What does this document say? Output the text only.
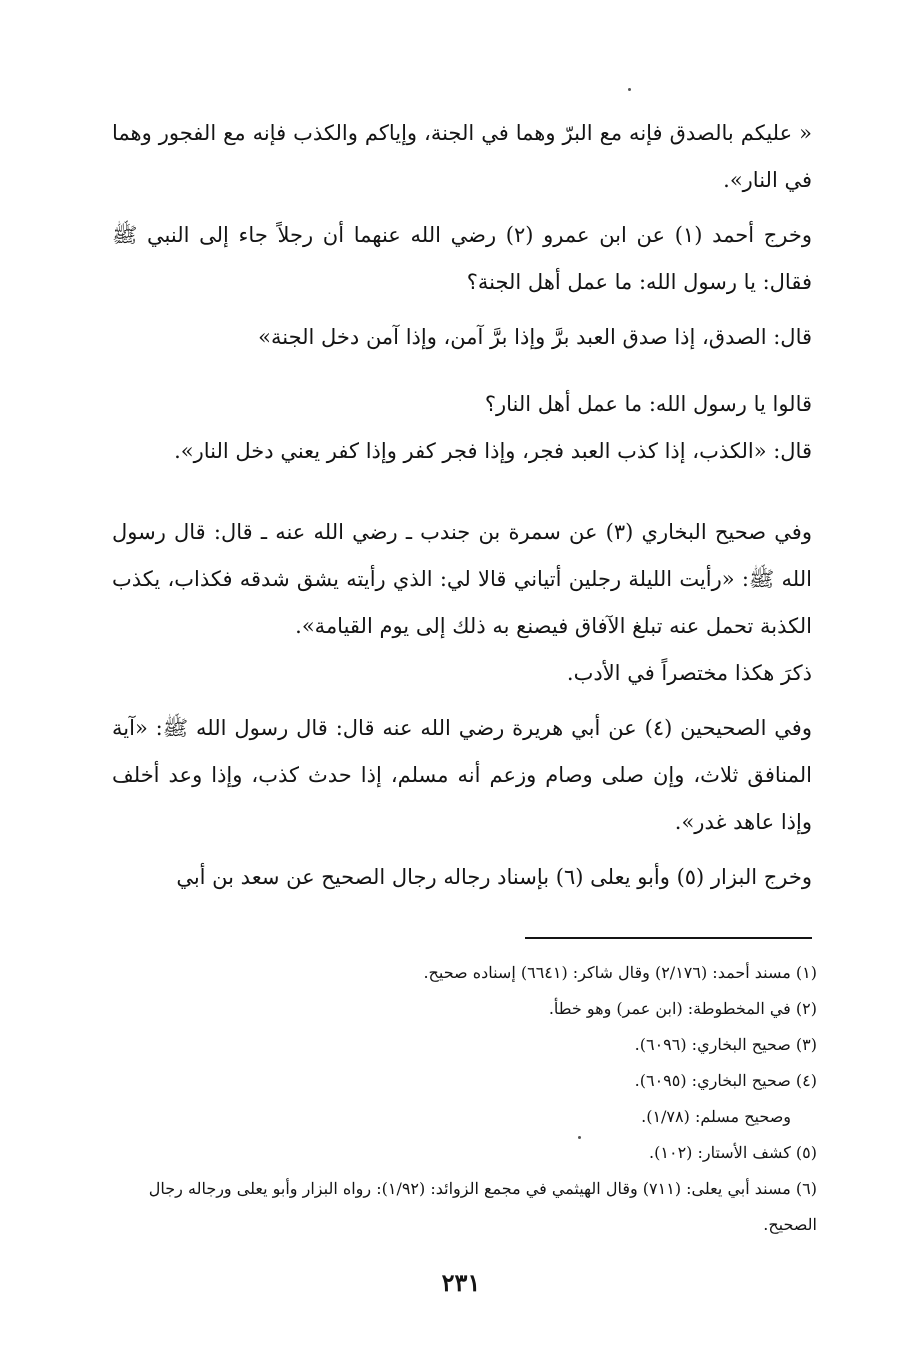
« عليكم بالصدق فإنه مع البرّ وهما في الجنة، وإياكم والكذب فإنه مع الفجور وهما في النار».

وخرج أحمد (١) عن ابن عمرو (٢) رضي الله عنهما أن رجلاً جاء إلى النبي ﷺ فقال: يا رسول الله: ما عمل أهل الجنة؟

قال: الصدق، إذا صدق العبد برَّ وإذا برَّ آمن، وإذا آمن دخل الجنة»

قالوا يا رسول الله: ما عمل أهل النار؟

قال: «الكذب، إذا كذب العبد فجر، وإذا فجر كفر وإذا كفر يعني دخل النار».

وفي صحيح البخاري (٣) عن سمرة بن جندب ـ رضي الله عنه ـ قال: قال رسول الله ﷺ: «رأيت الليلة رجلين أتياني قالا لي: الذي رأيته يشق شدقه فكذاب، يكذب الكذبة تحمل عنه تبلغ الآفاق فيصنع به ذلك إلى يوم القيامة».

ذكرَ هكذا مختصراً في الأدب.

وفي الصحيحين (٤) عن أبي هريرة رضي الله عنه قال: قال رسول الله ﷺ: «آية المنافق ثلاث، وإن صلى وصام وزعم أنه مسلم، إذا حدث كذب، وإذا وعد أخلف وإذا عاهد غدر».

وخرج البزار (٥) وأبو يعلى (٦) بإسناد رجاله رجال الصحيح عن سعد بن أبي

(١) مسند أحمد: (٢/١٧٦) وقال شاكر: (٦٦٤١) إسناده صحيح.

(٢) في المخطوطة: (ابن عمر) وهو خطأ.

(٣) صحيح البخاري: (٦٠٩٦).

(٤) صحيح البخاري: (٦٠٩٥).

وصحيح مسلم: (١/٧٨).

(٥) كشف الأستار: (١٠٢).

(٦) مسند أبي يعلى: (٧١١) وقال الهيثمي في مجمع الزوائد: (١/٩٢): رواه البزار وأبو يعلى ورجاله رجال الصحيح.

٢٣١
